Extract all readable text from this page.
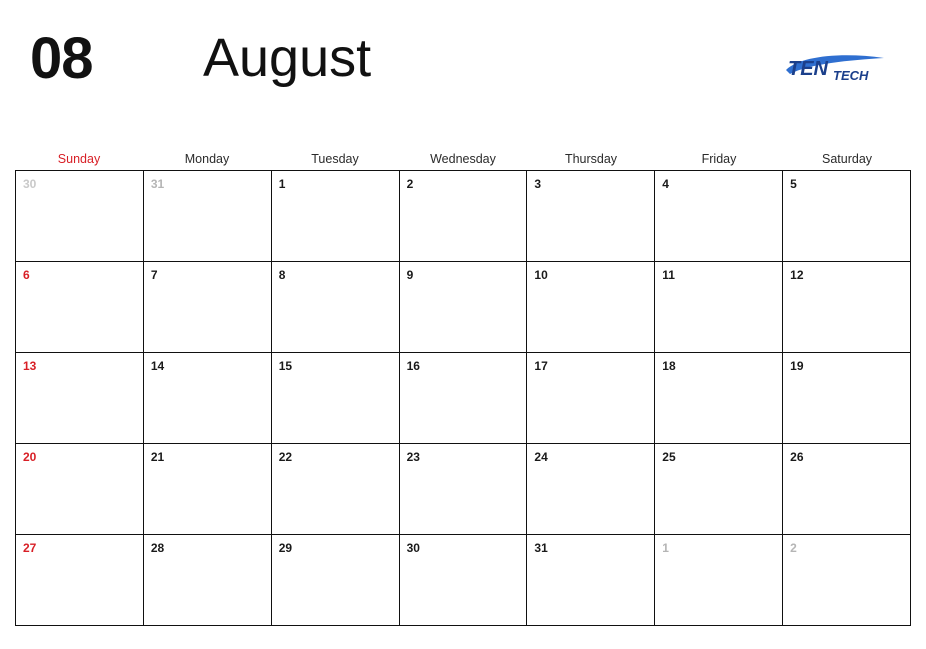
08 August	TEN TECH
Sunday	Monday	Tuesday	Wednesday	Thursday	Friday	Saturday
30	31	1	2	3	4	5
6	7	8	9	10	11	12
13	14	15	16	17	18	19
20	21	22	23	24	25	26
27	28	29	30	31	1	2
